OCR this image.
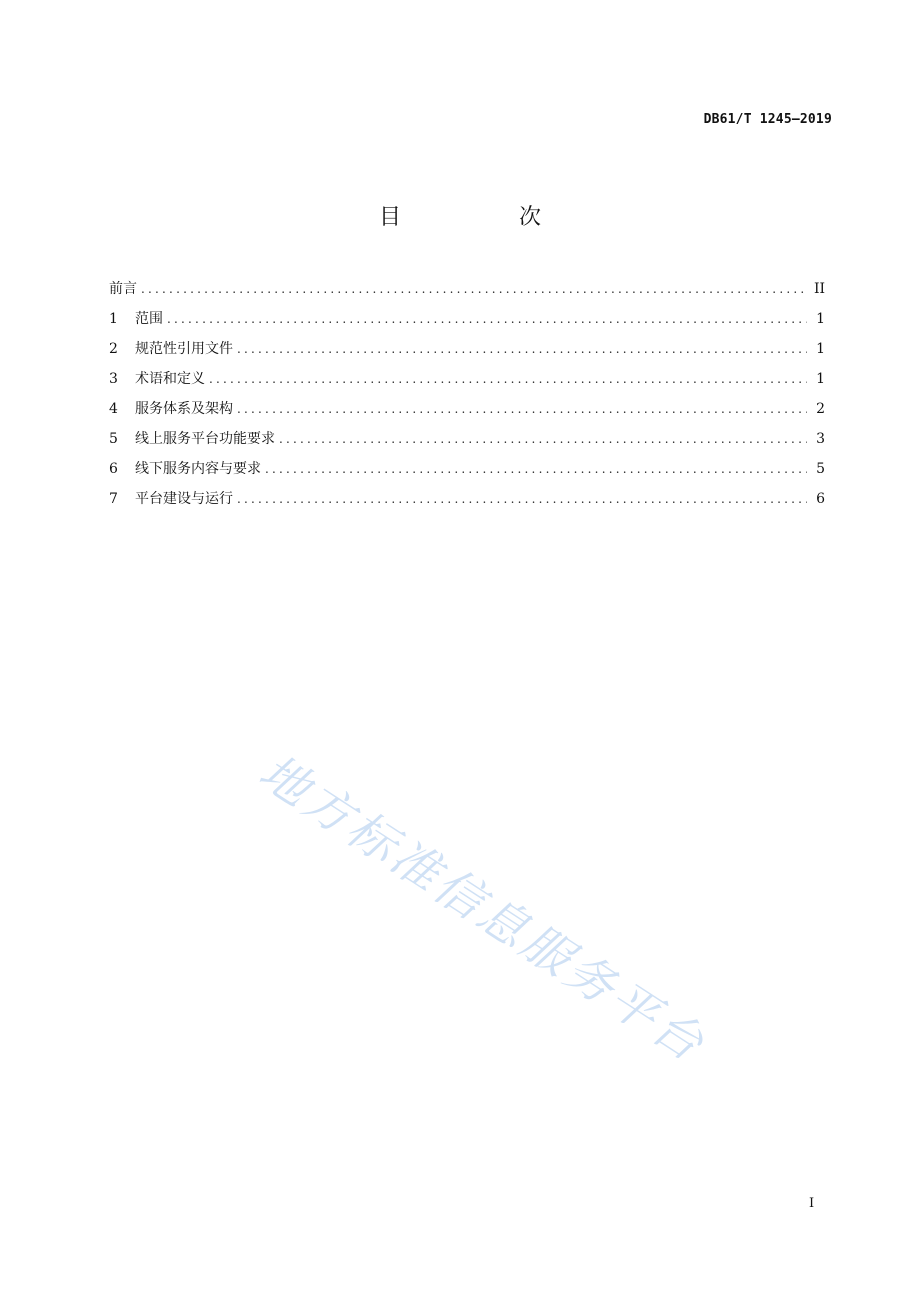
DB61/T 1245—2019
目　次
前言 .....	II
1	范围 .....	1
2	规范性引用文件 .....	1
3	术语和定义 .....	1
4	服务体系及架构 .....	2
5	线上服务平台功能要求 .....	3
6	线下服务内容与要求 .....	5
7	平台建设与运行 .....	6
地方标准信息服务平台
I
